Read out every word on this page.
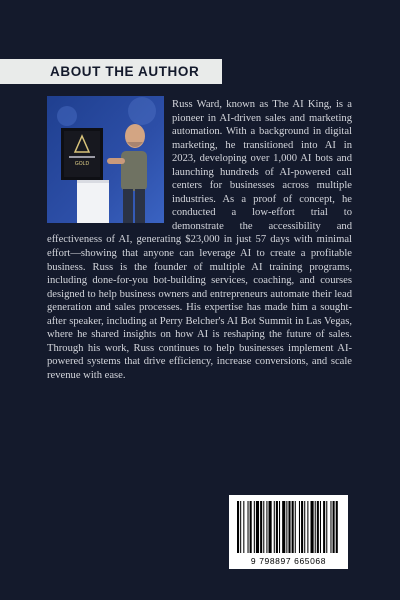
ABOUT THE AUTHOR
GOLD

Russ Ward, known as The AI King, is a pioneer in AI-driven sales and marketing automation. With a background in digital marketing, he transitioned into AI in 2023, developing over 1,000 AI bots and launching hundreds of AI-powered call centers for businesses across multiple industries. As a proof of concept, he conducted a low-effort trial to demonstrate the accessibility and effectiveness of AI, generating $23,000 in just 57 days with minimal effort—showing that anyone can leverage AI to create a profitable business. Russ is the founder of multiple AI training programs, including done-for-you bot-building services, coaching, and courses designed to help business owners and entrepreneurs automate their lead generation and sales processes. His expertise has made him a sought-after speaker, including at Perry Belcher's AI Bot Summit in Las Vegas, where he shared insights on how AI is reshaping the future of sales. Through his work, Russ continues to help businesses implement AI-powered systems that drive efficiency, increase conversions, and scale revenue with ease.

9 798897 665068
